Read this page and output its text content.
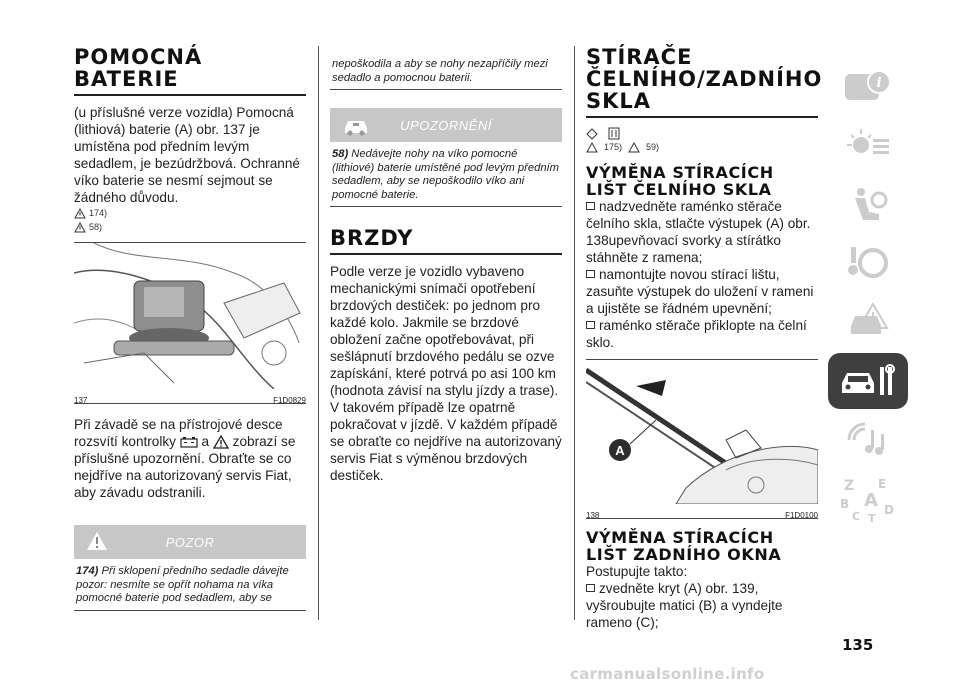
POMOCNÁ BATERIE
(u příslušné verze vozidla) Pomocná (lithiová) baterie (A) obr. 137 je umístěna pod předním levým sedadlem, je bezúdržbová. Ochranné víko baterie se nesmí sejmout se žádného důvodu.
174)
58)
137	F1D0829
Při závadě se na přístrojové desce rozsvítí kontrolky a zobrazí se příslušné upozornění. Obraťte se co nejdříve na autorizovaný servis Fiat, aby závadu odstranili.
POZOR
174) Při sklopení předního sedadle dávejte pozor: nesmíte se opřít nohama na víka pomocné baterie pod sedadlem, aby se
nepoškodila a aby se nohy nezapříčily mezi sedadlo a pomocnou baterii.
UPOZORNĚNÍ
58) Nedávejte nohy na víko pomocné (lithiové) baterie umístěné pod levým předním sedadlem, aby se nepoškodilo víko ani pomocné baterie.
BRZDY
Podle verze je vozidlo vybaveno mechanickými snímači opotřebení brzdových destiček: po jednom pro každé kolo. Jakmile se brzdové obložení začne opotřebovávat, při sešlápnutí brzdového pedálu se ozve zapískání, které potrvá po asi 100 km (hodnota závisí na stylu jízdy a trase). V takovém případě lze opatrně pokračovat v jízdě. V každém případě se obraťte co nejdříve na autorizovaný servis Fiat s výměnou brzdových destiček.
STÍRAČE
ČELNÍHO/ZADNÍHO
SKLA
175)	59)
VÝMĚNA STÍRACÍCH LIŠT ČELNÍHO SKLA
nadzvedněte raménko stěrače čelního skla, stlačte výstupek (A) obr. 138upevňovací svorky a stírátko stáhněte z ramena;
namontujte novou stírací lištu, zasuňte výstupek do uložení v rameni a ujistěte se řádném upevnění;
raménko stěrače přiklopte na čelní sklo.
A
138	F1D0100
VÝMĚNA STÍRACÍCH LIŠT ZADNÍHO OKNA
Postupujte takto:
zvedněte kryt (A) obr. 139, vyšroubujte matici (B) a vyndejte rameno (C);
i
Z E
B A
C T
D
135
carmanualsonline.info
